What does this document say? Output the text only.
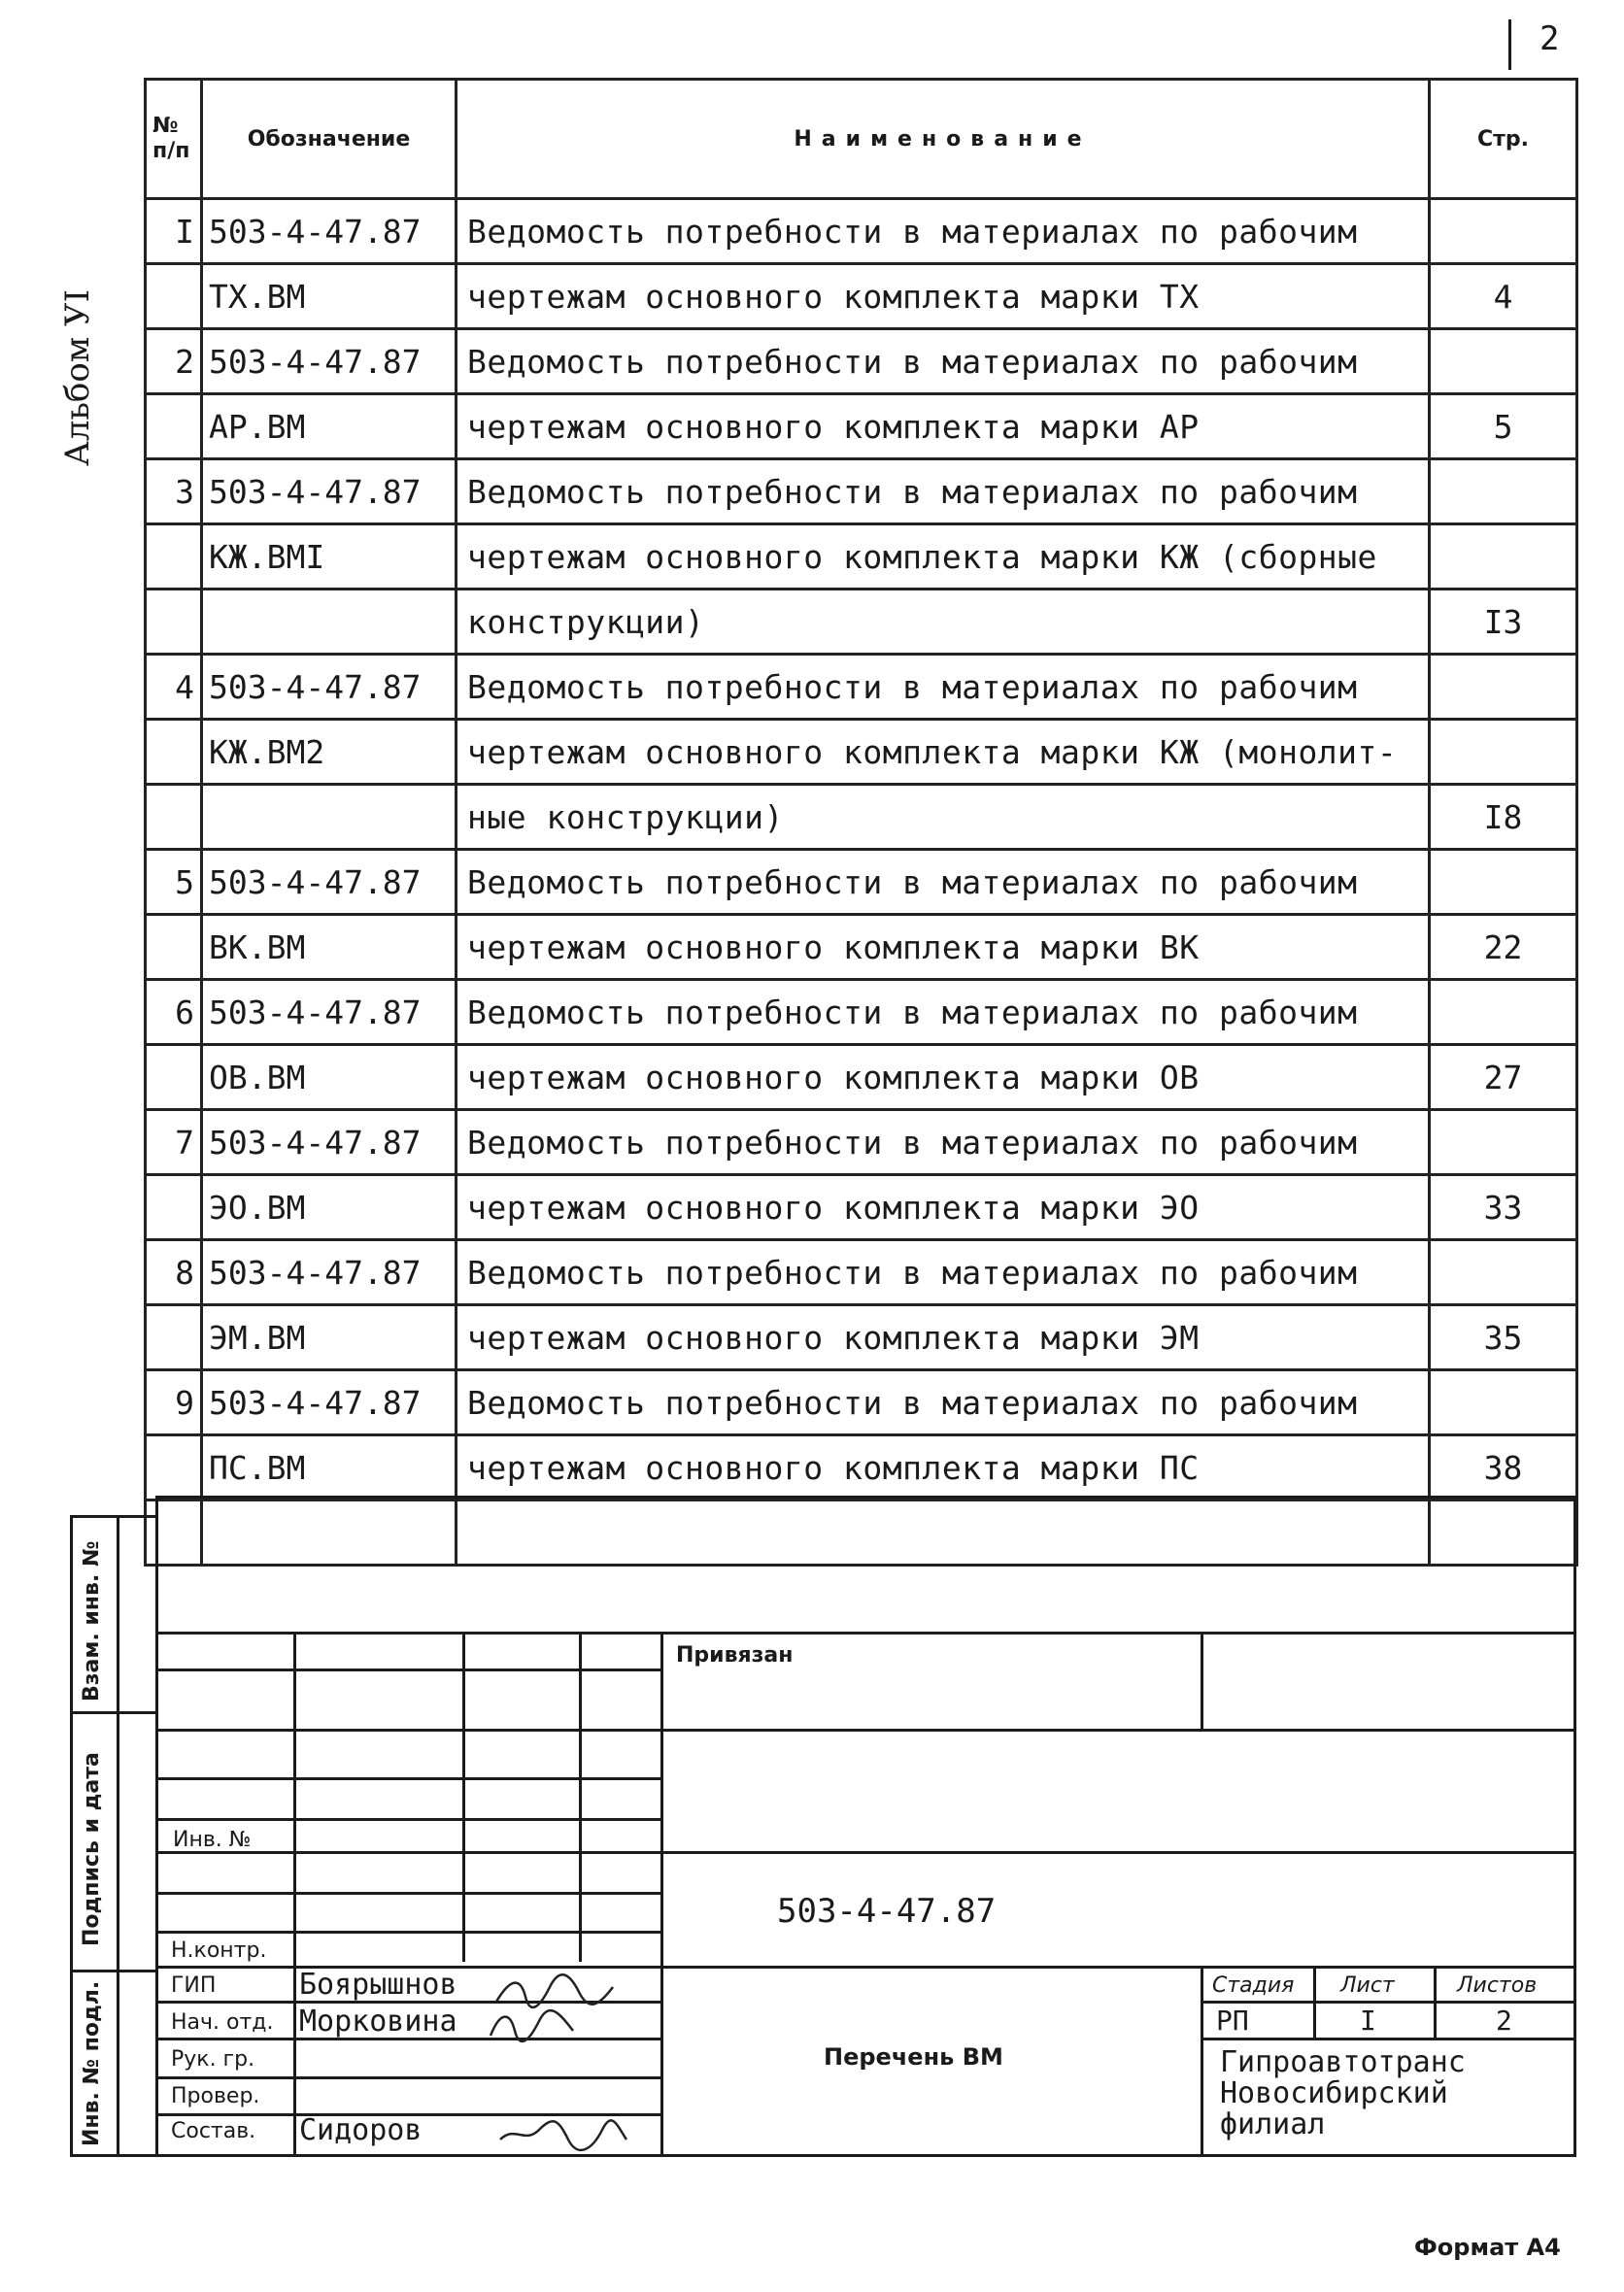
2
Альбом УI
№
п/п	Обозначение	Наименование	Стр.
I	503-4-47.87	Ведомость потребности в материалах по рабочим	
	ТХ.ВМ	чертежам основного комплекта марки ТХ	4
2	503-4-47.87	Ведомость потребности в материалах по рабочим	
	АР.ВМ	чертежам основного комплекта марки АР	5
3	503-4-47.87	Ведомость потребности в материалах по рабочим	
	КЖ.ВМI	чертежам основного комплекта марки КЖ (сборные	
		конструкции)	I3
4	503-4-47.87	Ведомость потребности в материалах по рабочим	
	КЖ.ВМ2	чертежам основного комплекта марки КЖ (монолит-	
		ные конструкции)	I8
5	503-4-47.87	Ведомость потребности в материалах по рабочим	
	ВК.ВМ	чертежам основного комплекта марки ВК	22
6	503-4-47.87	Ведомость потребности в материалах по рабочим	
	ОВ.ВМ	чертежам основного комплекта марки ОВ	27
7	503-4-47.87	Ведомость потребности в материалах по рабочим	
	ЭО.ВМ	чертежам основного комплекта марки ЭО	33
8	503-4-47.87	Ведомость потребности в материалах по рабочим	
	ЭМ.ВМ	чертежам основного комплекта марки ЭМ	35
9	503-4-47.87	Ведомость потребности в материалах по рабочим	
	ПС.ВМ	чертежам основного комплекта марки ПС	38

Взам. инв. №
Подпись и дата
Инв. № подл.
Привязан
Инв. №
503-4-47.87
Перечень ВМ
Н.контр.
ГИП	Боярышнов
Нач. отд. Морковина
Рук. гр.
Провер.
Состав. Сидоров
Стадия Лист	Листов
РП	I	2
Гипроавтотранс
Новосибирский
филиал
Формат А4
